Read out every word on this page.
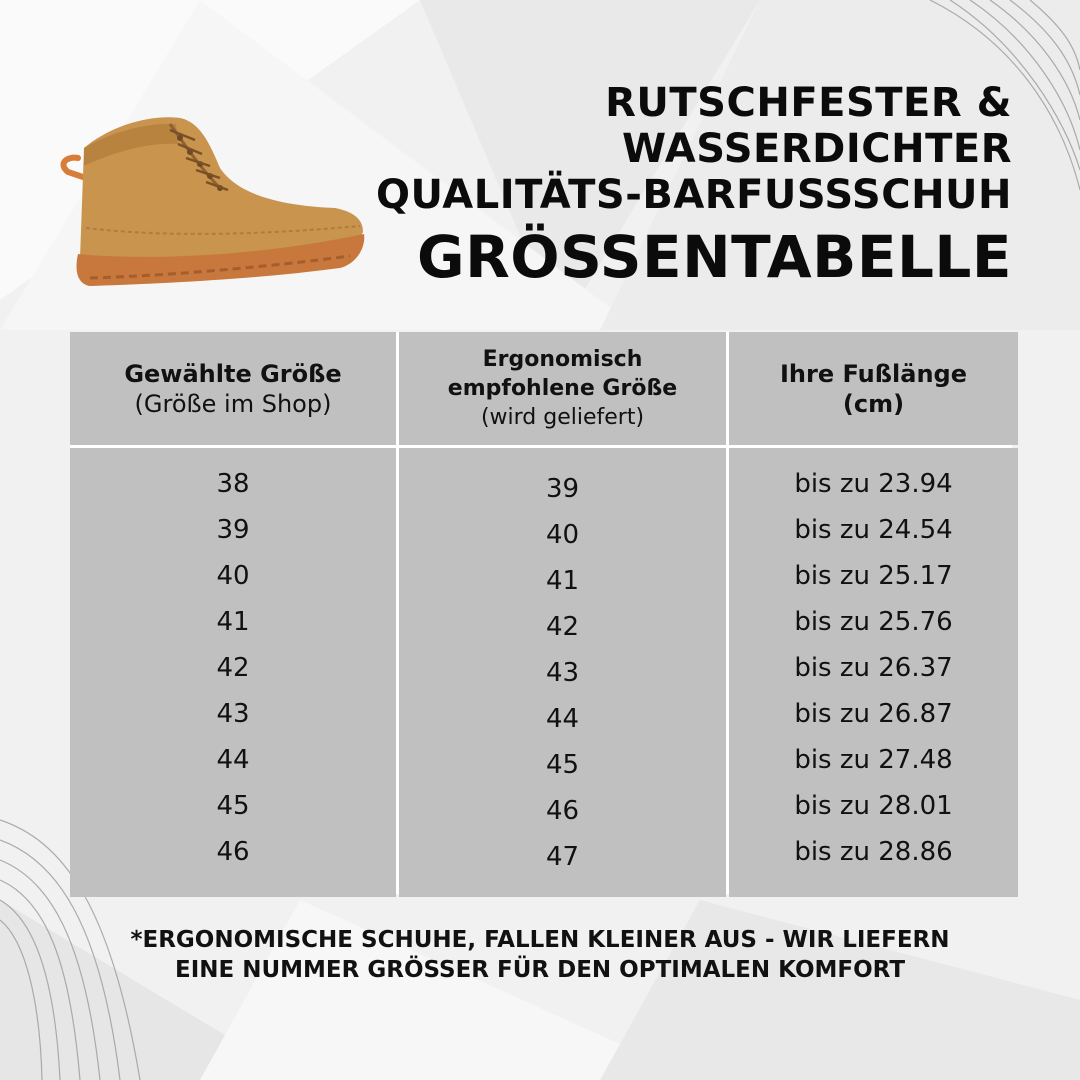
RUTSCHFESTER &
WASSERDICHTER
QUALITÄTS-BARFUSSSCHUH
GRÖSSENTABELLE
Gewählte Größe
(Größe im Shop)
Ergonomisch
empfohlene Größe
(wird geliefert)
Ihre Fußlänge
(cm)
38
39
40
41
42
43
44
45
46
39
40
41
42
43
44
45
46
47
bis zu 23.94
bis zu 24.54
bis zu 25.17
bis zu 25.76
bis zu 26.37
bis zu 26.87
bis zu 27.48
bis zu 28.01
bis zu 28.86
*ERGONOMISCHE SCHUHE, FALLEN KLEINER AUS - WIR LIEFERN
EINE NUMMER GRÖSSER FÜR DEN OPTIMALEN KOMFORT
